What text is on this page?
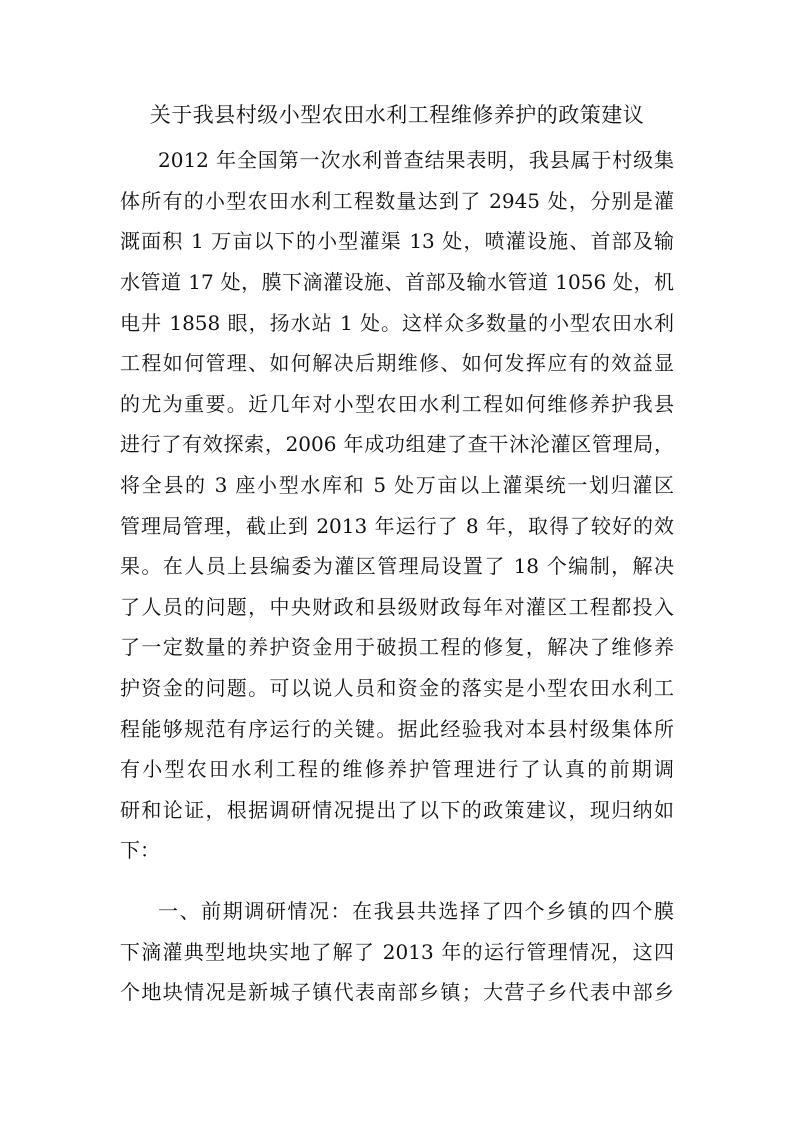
关于我县村级小型农田水利工程维修养护的政策建议
2012 年全国第一次水利普查结果表明，我县属于村级集
体所有的小型农田水利工程数量达到了 2945 处，分别是灌
溉面积 1 万亩以下的小型灌渠 13 处，喷灌设施、首部及输
水管道 17 处，膜下滴灌设施、首部及输水管道 1056 处，机
电井 1858 眼，扬水站 1 处。这样众多数量的小型农田水利
工程如何管理、如何解决后期维修、如何发挥应有的效益显
的尤为重要。近几年对小型农田水利工程如何维修养护我县
进行了有效探索，2006 年成功组建了查干沐沦灌区管理局，
将全县的 3 座小型水库和 5 处万亩以上灌渠统一划归灌区
管理局管理，截止到 2013 年运行了 8 年，取得了较好的效
果。在人员上县编委为灌区管理局设置了 18 个编制，解决
了人员的问题，中央财政和县级财政每年对灌区工程都投入
了一定数量的养护资金用于破损工程的修复，解决了维修养
护资金的问题。可以说人员和资金的落实是小型农田水利工
程能够规范有序运行的关键。据此经验我对本县村级集体所
有小型农田水利工程的维修养护管理进行了认真的前期调
研和论证，根据调研情况提出了以下的政策建议，现归纳如
下：
一、前期调研情况：在我县共选择了四个乡镇的四个膜
下滴灌典型地块实地了解了 2013 年的运行管理情况，这四
个地块情况是新城子镇代表南部乡镇；大营子乡代表中部乡
